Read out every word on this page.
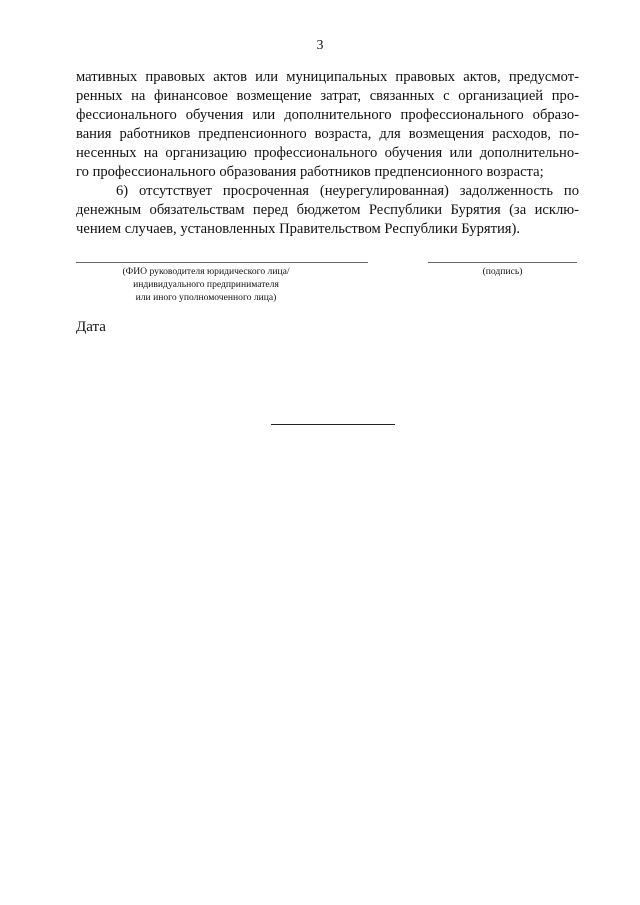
3
мативных правовых актов или муниципальных правовых актов, предусмот-
ренных на финансовое возмещение затрат, связанных с организацией про-
фессионального обучения или дополнительного профессионального образо-
вания работников предпенсионного возраста, для возмещения расходов, по-
несенных на организацию профессионального обучения или дополнительно-
го профессионального образования работников предпенсионного возраста;
6) отсутствует просроченная (неурегулированная) задолженность по
денежным обязательствам перед бюджетом Республики Бурятия (за исклю-
чением случаев, установленных Правительством Республики Бурятия).
(ФИО руководителя юридического лица/
индивидуального предпринимателя
или иного уполномоченного лица)
(подпись)
Дата
